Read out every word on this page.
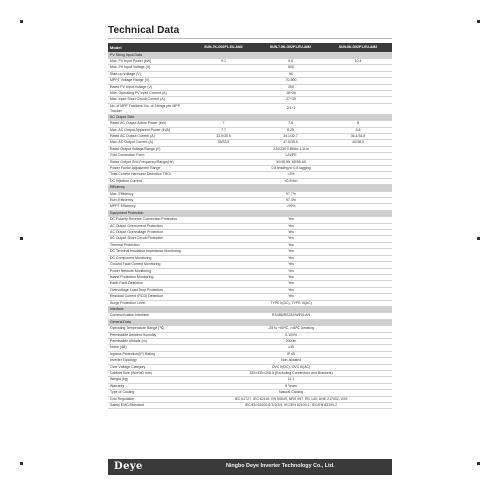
Technical Data
Model	SUN-7K-G02P1-EU-AM2	SUN-7.5K-G02P1-EU-AM2	SUN-8K-G02P1-EU-AM2
PV String Input Data			
Max. PV Input Power (kW)	9.1	9.8	10.4
Max. PV Input Voltage (V)	500		
Start-up Voltage (V)	80		
MPPT Voltage Range (V)	70-500		
Rated PV Input Voltage (V)	260		
Max. Operating PV Input Current (A)	18+26		
Max. Input Short Circuit Current (A)	27+39		
No. of MPP Trackers/ No. of Strings per MPP Tracker	2/1+2		
AC Output Side			
Rated AC Output Active Power (kW)	7	7.5	8
Max. AC Output Apparent Power (kVA)	7.7	8.25	8.8
Rated AC Output Current (A)	33.9/30.5	34.1/32.7	36.4/34.8
Max. AC Output Current (A)	35/33.5	37.5/35.9	40/38.3
Rated Output Voltage/Range (V)	220/230 0.85Un-1.1Un		
Grid Connection Form	L/N/PE		
Rated Output Grid Frequency/Range(Hz)	50/45-55, 60/55-65		
Power Factor Adjustment Range	0.8 leading to 0.8 lagging		
Total Current Harmonic Distortion THDi	<3%		
DC Injection Current	<0.5%In		
Efficiency			
Max. Efficiency	97.7%		
Euro Efficiency	97.3%		
MPPT Efficiency	>99%		
Equipment Protection			
DC Polarity Reverse Connection Protection	Yes		
AC Output Overcurrent Protection	Yes		
AC Output Overvoltage Protection	Yes		
AC Output Short Circuit Protection	Yes		
Thermal Protection	Yes		
DC Terminal Insulation Impedance Monitoring	Yes		
DC Component Monitoring	Yes		
Ground Fault Current Monitoring	Yes		
Power Network Monitoring	Yes		
Island Protection Monitoring	Yes		
Earth Fault Detection	Yes		
Overvoltage Load Drop Protection	Yes		
Residual Current (RCD) Detection	Yes		
Surge Protection Level	TYPE II(DC), TYPE III(AC)		
Interface			
Communication Interface	RS485/RS232/WiFi/LAN		
General Data			
Operating Temperature Range (℃)	-25 to +60℃, >45℃ Derating		
Permissible Ambient Humidity	0-100%		
Permissible Altitude (m)	2000m		
Noise (dB)	≤35		
Ingress Protection(IP) Rating	IP 65		
Inverter Topology	Non-Isolated		
Over Voltage Category	OVC II(DC), OVC III(AC)		
Cabinet Size (WxHxD mm)	330×330×208.5 (Excluding Connectors and Brackets)		
Weight (kg)	12.1		
Warranty	5 Years		
Type of Cooling	Natural Cooling		
Grid Regulation	IEC 61727, IEC 62116, EN 50549, NRS 097, RD 140, UNE 217002, G99		
Safety EMC/Standard	IEC/EN 61000-6-1/2/3/4, IEC/EN 62109-1, IEC/EN 62109-2		
Deye	Ningbo Deye Inverter Technology Co., Ltd.
